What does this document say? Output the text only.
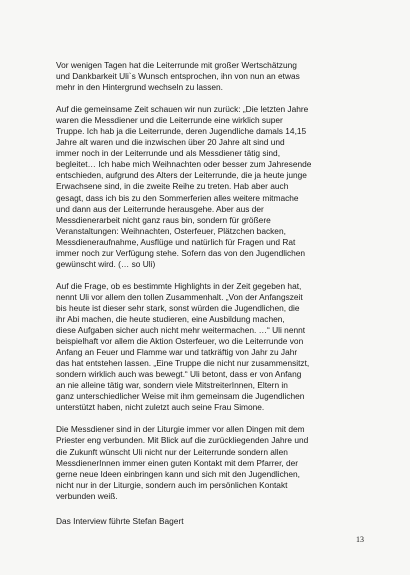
Vor wenigen Tagen hat die Leiterrunde mit großer Wertschätzung
und Dankbarkeit Uli`s Wunsch entsprochen, ihn von nun an etwas
mehr in den Hintergrund wechseln zu lassen.

Auf die gemeinsame Zeit schauen wir nun zurück: „Die letzten Jahre
waren die Messdiener und die Leiterrunde eine wirklich super
Truppe. Ich hab ja die Leiterrunde, deren Jugendliche damals 14,15
Jahre alt waren und die inzwischen über 20 Jahre alt sind und
immer noch in der Leiterrunde und als Messdiener tätig sind,
begleitet… Ich habe mich Weihnachten oder besser zum Jahresende
entschieden, aufgrund des Alters der Leiterrunde, die ja heute junge
Erwachsene sind, in die zweite Reihe zu treten. Hab aber auch
gesagt, dass ich bis zu den Sommerferien alles weitere mitmache
und dann aus der Leiterrunde herausgehe. Aber aus der
Messdienerarbeit nicht ganz raus bin, sondern für größere
Veranstaltungen: Weihnachten, Osterfeuer, Plätzchen backen,
Messdieneraufnahme, Ausflüge und natürlich für Fragen und Rat
immer noch zur Verfügung stehe. Sofern das von den Jugendlichen
gewünscht wird. (… so Uli)

Auf die Frage, ob es bestimmte Highlights in der Zeit gegeben hat,
nennt Uli vor allem den tollen Zusammenhalt. „Von der Anfangszeit
bis heute ist dieser sehr stark, sonst würden die Jugendlichen, die
ihr Abi machen, die heute studieren, eine Ausbildung machen,
diese Aufgaben sicher auch nicht mehr weitermachen. …“ Uli nennt
beispielhaft vor allem die Aktion Osterfeuer, wo die Leiterrunde von
Anfang an Feuer und Flamme war und tatkräftig von Jahr zu Jahr
das hat entstehen lassen. „Eine Truppe die nicht nur zusammensitzt,
sondern wirklich auch was bewegt.“ Uli betont, dass er von Anfang
an nie alleine tätig war, sondern viele MitstreiterInnen, Eltern in
ganz unterschiedlicher Weise mit ihm gemeinsam die Jugendlichen
unterstützt haben, nicht zuletzt auch seine Frau Simone.

Die Messdiener sind in der Liturgie immer vor allen Dingen mit dem
Priester eng verbunden. Mit Blick auf die zurückliegenden Jahre und
die Zukunft wünscht Uli nicht nur der Leiterrunde sondern allen
MessdienerInnen immer einen guten Kontakt mit dem Pfarrer, der
gerne neue Ideen einbringen kann und sich mit den Jugendlichen,
nicht nur in der Liturgie, sondern auch im persönlichen Kontakt
verbunden weiß.

Das Interview führte Stefan Bagert

13
